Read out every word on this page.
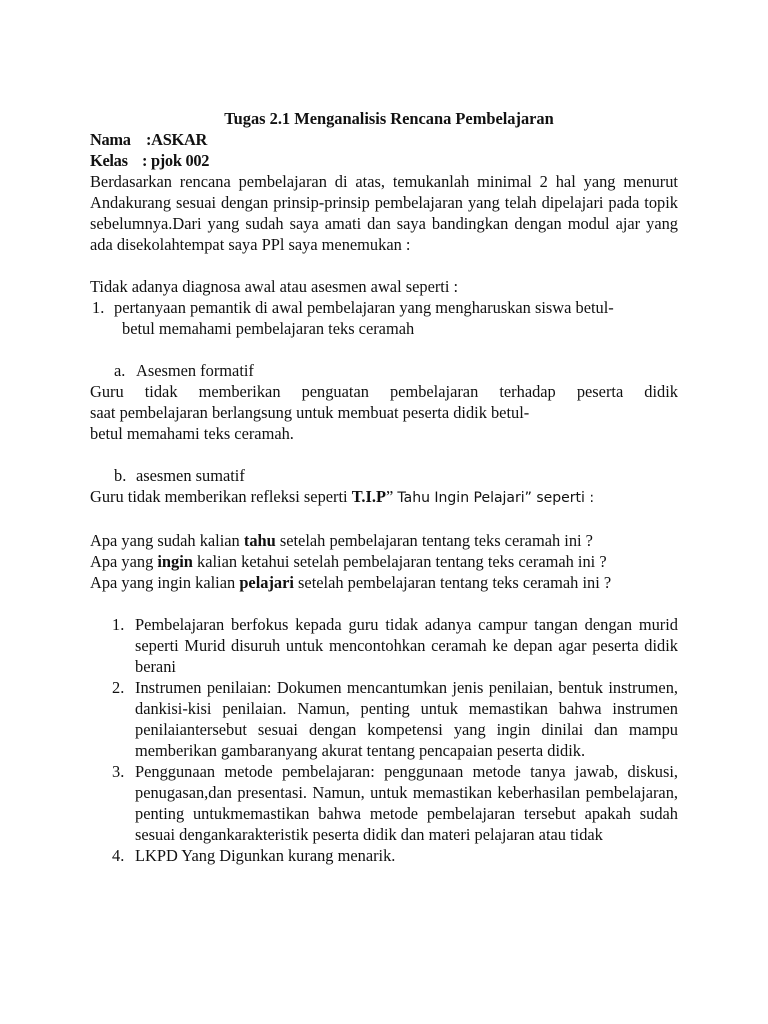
Tugas 2.1 Menganalisis Rencana Pembelajaran

Nama :ASKAR

Kelas : pjok 002

Berdasarkan rencana pembelajaran di atas, temukanlah minimal 2 hal yang menurut Andakurang sesuai dengan prinsip-prinsip pembelajaran yang telah dipelajari pada topik sebelumnya.Dari yang sudah saya amati dan saya bandingkan dengan modul ajar yang ada disekolahtempat saya PPl saya menemukan :

Tidak adanya diagnosa awal atau asesmen awal seperti :

1. pertanyaan pemantik di awal pembelajaran yang mengharuskan siswa betul-

betul memahami pembelajaran teks ceramah

a. Asesmen formatif

Guru tidak memberikan penguatan pembelajaran terhadap peserta didik

saat pembelajaran berlangsung untuk membuat peserta didik betul-

betul memahami teks ceramah.

b. asesmen sumatif

Guru tidak memberikan refleksi seperti T.I.P” Tahu Ingin Pelajari” seperti :

Apa yang sudah kalian tahu setelah pembelajaran tentang teks ceramah ini ?

Apa yang ingin kalian ketahui setelah pembelajaran tentang teks ceramah ini ?

Apa yang ingin kalian pelajari setelah pembelajaran tentang teks ceramah ini ?

1. Pembelajaran berfokus kepada guru tidak adanya campur tangan dengan murid seperti Murid disuruh untuk mencontohkan ceramah ke depan agar peserta didik berani
2. Instrumen penilaian: Dokumen mencantumkan jenis penilaian, bentuk instrumen, dankisi-kisi penilaian. Namun, penting untuk memastikan bahwa instrumen penilaiantersebut sesuai dengan kompetensi yang ingin dinilai dan mampu memberikan gambaranyang akurat tentang pencapaian peserta didik.
3. Penggunaan metode pembelajaran: penggunaan metode tanya jawab, diskusi, penugasan,dan presentasi. Namun, untuk memastikan keberhasilan pembelajaran, penting untukmemastikan bahwa metode pembelajaran tersebut apakah sudah sesuai dengankarakteristik peserta didik dan materi pelajaran atau tidak
4. LKPD Yang Digunkan kurang menarik.
